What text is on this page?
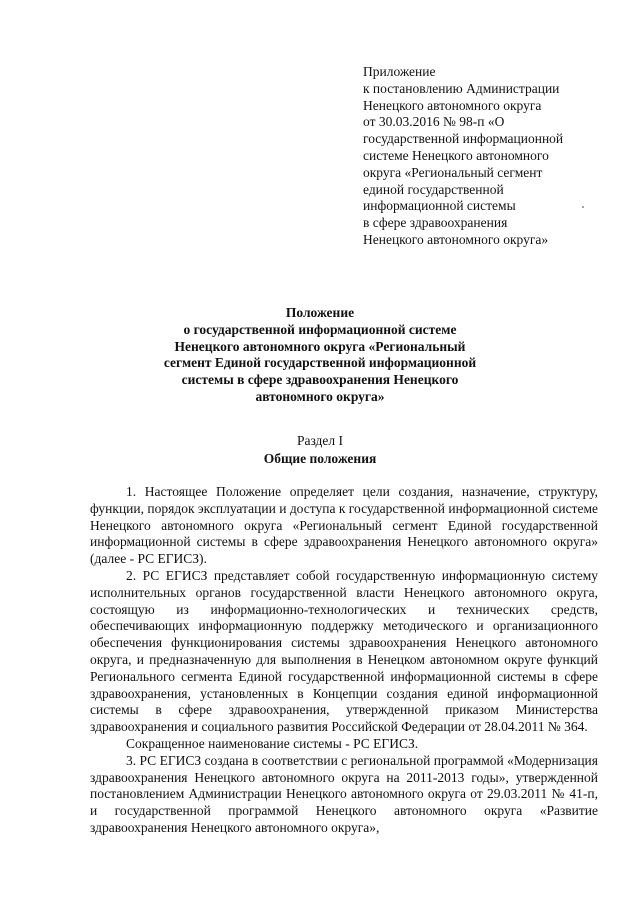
Приложение
к постановлению Администрации
Ненецкого автономного округа
от 30.03.2016 № 98-п «О
государственной информационной
системе Ненецкого автономного
округа «Региональный сегмент
единой государственной
информационной системы
в сфере здравоохранения
Ненецкого автономного округа»
Положение
о государственной информационной системе
Ненецкого автономного округа «Региональный
сегмент Единой государственной информационной
системы в сфере здравоохранения Ненецкого
автономного округа»
Раздел I
Общие положения

1. Настоящее Положение определяет цели создания, назначение, структуру, функции, порядок эксплуатации и доступа к государственной информационной системе Ненецкого автономного округа «Региональный сегмент Единой государственной информационной системы в сфере здравоохранения Ненецкого автономного округа» (далее - РС ЕГИСЗ).

2. РС ЕГИСЗ представляет собой государственную информационную систему исполнительных органов государственной власти Ненецкого автономного округа, состоящую из информационно-технологических и технических средств, обеспечивающих информационную поддержку методического и организационного обеспечения функционирования системы здравоохранения Ненецкого автономного округа, и предназначенную для выполнения в Ненецком автономном округе функций Регионального сегмента Единой государственной информационной системы в сфере здравоохранения, установленных в Концепции создания единой информационной системы в сфере здравоохранения, утвержденной приказом Министерства здравоохранения и социального развития Российской Федерации от 28.04.2011 № 364.

Сокращенное наименование системы - РС ЕГИСЗ.

3. РС ЕГИСЗ создана в соответствии с региональной программой «Модернизация здравоохранения Ненецкого автономного округа на 2011-2013 годы», утвержденной постановлением Администрации Ненецкого автономного округа от 29.03.2011 № 41-п, и государственной программой Ненецкого автономного округа «Развитие здравоохранения Ненецкого автономного округа»,
